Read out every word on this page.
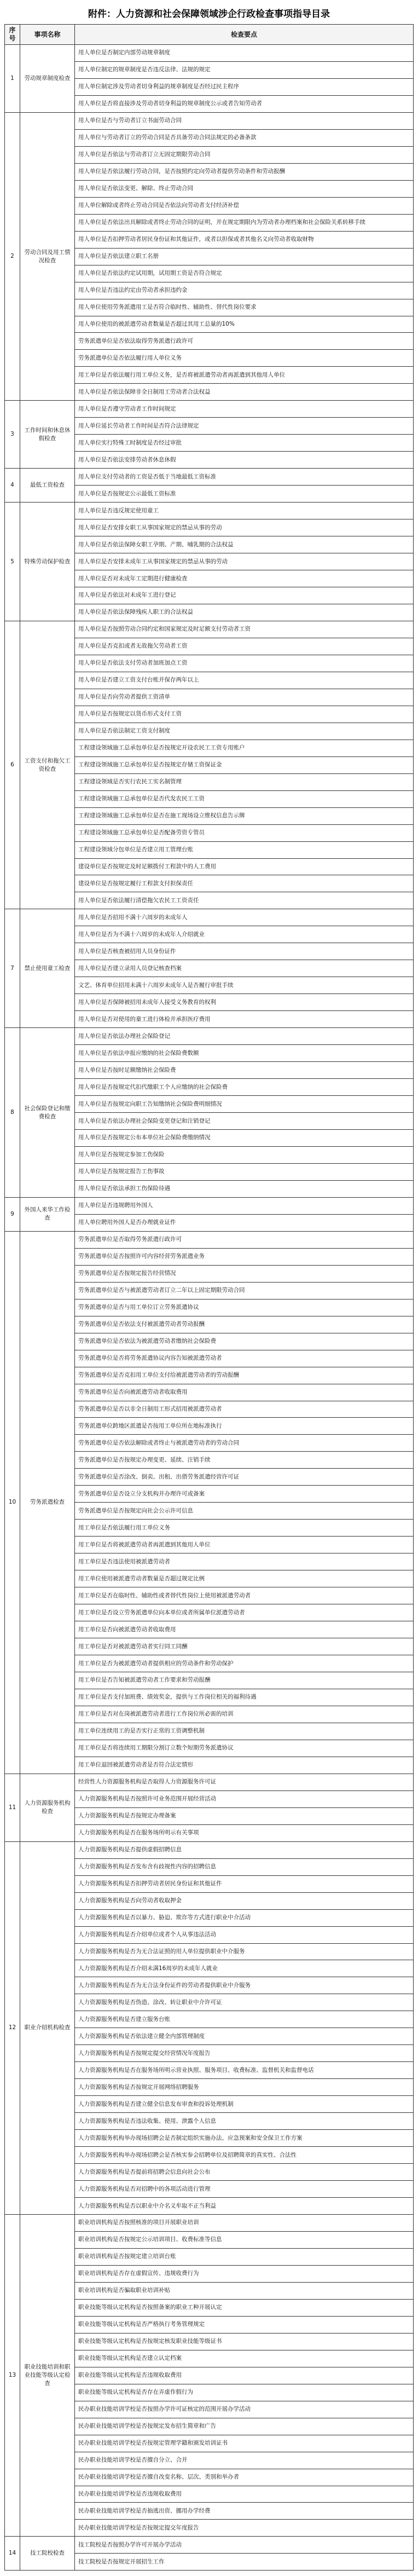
附件：人力资源和社会保障领域涉企行政检查事项指导目录
序号	事项名称	检查要点
1	劳动规章制度检查	用人单位是否制定内部劳动规章制度
		用人单位制定的规章制度是否违反法律、法规的规定
		用人单位制定涉及劳动者切身利益的规章制度是否经过民主程序
		用人单位是否将直接涉及劳动者切身利益的规章制度公示或者告知劳动者
2	劳动合同及用工情况检查	用人单位是否与劳动者订立书面劳动合同
		用人单位与劳动者订立的劳动合同是否具备劳动合同法规定的必备条款
		用人单位是否依法与劳动者订立无固定期限劳动合同
		用人单位是否依法履行劳动合同，是否按照约定向劳动者提供劳动条件和劳动报酬
		用人单位是否依法变更、解除、终止劳动合同
		用人单位解除或者终止劳动合同是否依法向劳动者支付经济补偿
		用人单位是否依法出具解除或者终止劳动合同的证明，并在规定期限内为劳动者办理档案和社会保险关系转移手续
		用人单位是否扣押劳动者居民身份证和其他证件，或者以担保或者其他名义向劳动者收取财物
		用人单位是否依法建立职工名册
		用人单位是否依法约定试用期，试用期工资是否符合规定
		用人单位是否违法约定由劳动者承担违约金
		用人单位使用劳务派遣用工是否符合临时性、辅助性、替代性岗位要求
		用人单位使用的被派遣劳动者数量是否超过其用工总量的10%
		劳务派遣单位是否依法取得劳务派遣行政许可
		劳务派遣单位是否依法履行用人单位义务
		用工单位是否依法履行用工单位义务，是否将被派遣劳动者再派遣到其他用人单位
		用人单位是否依法保障非全日制用工劳动者合法权益
3	工作时间和休息休假检查	用人单位是否遵守劳动者工作时间规定
		用人单位延长劳动者工作时间是否符合法律规定
		用人单位实行特殊工时制度是否经过审批
		用人单位是否依法安排劳动者休息休假
4	最低工资检查	用人单位支付劳动者的工资是否低于当地最低工资标准
		用人单位是否按规定公示最低工资标准
5	特殊劳动保护检查	用人单位是否违反规定使用童工
		用人单位是否安排女职工从事国家规定的禁忌从事的劳动
		用人单位是否依法保障女职工孕期、产期、哺乳期的合法权益
		用人单位是否安排未成年工从事国家规定的禁忌从事的劳动
		用人单位是否对未成年工定期进行健康检查
		用人单位是否依法对未成年工进行登记
		用人单位是否依法保障残疾人职工的合法权益
6	工资支付和拖欠工资检查	用人单位是否按照劳动合同约定和国家规定及时足额支付劳动者工资
		用人单位是否克扣或者无故拖欠劳动者工资
		用人单位是否依法支付劳动者加班加点工资
		用人单位是否建立工资支付台账并保存两年以上
		用人单位是否向劳动者提供工资清单
		用人单位是否按规定以货币形式支付工资
		用人单位是否依法制定工资支付制度
		工程建设领域施工总承包单位是否按规定开设农民工工资专用账户
		工程建设领域施工总承包单位是否按规定存储工资保证金
		工程建设领域是否实行农民工实名制管理
		工程建设领域施工总承包单位是否代发农民工工资
		工程建设领域施工总承包单位是否在施工现场设立维权信息告示牌
		工程建设领域施工总承包单位是否配备劳资专管员
		工程建设领域分包单位是否建立用工管理台账
		建设单位是否按规定及时足额拨付工程款中的人工费用
		建设单位是否按规定履行工程款支付担保责任
		用人单位是否依法履行清偿拖欠农民工工资责任
7	禁止使用童工检查	用人单位是否招用不满十六周岁的未成年人
		用人单位是否为不满十六周岁的未成年人介绍就业
		用人单位是否核查被招用人员身份证件
		用人单位是否建立录用人员登记核查档案
		文艺、体育单位招用未满十六周岁未成年人是否履行审批手续
		用人单位是否保障被招用未成年人接受义务教育的权利
		用人单位是否对使用的童工进行体检并承担医疗费用
8	社会保险登记和缴费检查	用人单位是否依法办理社会保险登记
		用人单位是否依法申报应缴纳的社会保险费数额
		用人单位是否按时足额缴纳社会保险费
		用人单位是否按规定代扣代缴职工个人应缴纳的社会保险费
		用人单位是否按规定向职工告知缴纳社会保险费明细情况
		用人单位是否依法办理社会保险变更登记和注销登记
		用人单位是否按规定公布本单位社会保险费缴纳情况
		用人单位是否按规定参加工伤保险
		用人单位是否按规定报告工伤事故
		用人单位是否依法承担工伤保险待遇
9	外国人来华工作检查	用人单位是否违规聘用外国人
		用人单位聘用外国人是否办理就业证件
10	劳务派遣检查	劳务派遣单位是否取得劳务派遣行政许可
		劳务派遣单位是否按照许可内容经营劳务派遣业务
		劳务派遣单位是否按规定报告经营情况
		劳务派遣单位是否与被派遣劳动者订立二年以上固定期限劳动合同
		劳务派遣单位是否与用工单位订立劳务派遣协议
		劳务派遣单位是否依法支付被派遣劳动者劳动报酬
		劳务派遣单位是否依法为被派遣劳动者缴纳社会保险费
		劳务派遣单位是否将劳务派遣协议内容告知被派遣劳动者
		劳务派遣单位是否克扣用工单位支付给被派遣劳动者的劳动报酬
		劳务派遣单位是否向被派遣劳动者收取费用
		劳务派遣单位是否以非全日制用工形式招用被派遣劳动者
		劳务派遣单位跨地区派遣是否按用工单位所在地标准执行
		劳务派遣单位是否依法解除或者终止与被派遣劳动者的劳动合同
		劳务派遣单位是否按规定办理变更、延续、注销手续
		劳务派遣单位是否涂改、倒卖、出租、出借劳务派遣经营许可证
		劳务派遣单位是否设立分支机构并办理许可或备案
		劳务派遣单位是否按规定向社会公示许可信息
		用工单位是否依法履行用工单位义务
		用工单位是否将被派遣劳动者再派遣到其他用人单位
		用工单位是否违法使用被派遣劳动者
		用工单位使用被派遣劳动者数量是否超过规定比例
		用工单位是否在临时性、辅助性或者替代性岗位上使用被派遣劳动者
		用工单位是否设立劳务派遣单位向本单位或者所属单位派遣劳动者
		用工单位是否向被派遣劳动者收取费用
		用工单位是否对被派遣劳动者实行同工同酬
		用工单位是否为被派遣劳动者提供相应的劳动条件和劳动保护
		用工单位是否告知被派遣劳动者工作要求和劳动报酬
		用工单位是否支付加班费、绩效奖金，提供与工作岗位相关的福利待遇
		用工单位是否对在岗被派遣劳动者进行工作岗位所必需的培训
		用工单位连续用工的是否实行正常的工资调整机制
		用工单位是否将连续用工期限分割订立数个短期劳务派遣协议
		用工单位退回被派遣劳动者是否符合法定情形
11	人力资源服务机构检查	经营性人力资源服务机构是否取得人力资源服务许可证
		人力资源服务机构是否按照许可业务范围开展经营活动
		人力资源服务机构是否按规定办理备案
		人力资源服务机构是否在服务场所明示有关事项
12	职业介绍机构检查	人力资源服务机构是否提供虚假招聘信息
		人力资源服务机构是否发布含有歧视性内容的招聘信息
		人力资源服务机构是否扣押劳动者居民身份证和其他证件
		人力资源服务机构是否向劳动者收取押金
		人力资源服务机构是否以暴力、胁迫、欺诈等方式进行职业中介活动
		人力资源服务机构是否介绍单位或者个人从事违法活动
		人力资源服务机构是否为无合法证照的用人单位提供职业中介服务
		人力资源服务机构是否介绍未满16周岁的未成年人就业
		人力资源服务机构是否为无合法身份证件的劳动者提供职业中介服务
		人力资源服务机构是否伪造、涂改、转让职业中介许可证
		人力资源服务机构是否建立服务台账
		人力资源服务机构是否依法建立健全内部管理制度
		人力资源服务机构是否按规定提交经营情况年度报告
		人力资源服务机构是否在服务场所明示营业执照、服务项目、收费标准、监督机关和监督电话
		人力资源服务机构是否按规定开展网络招聘服务
		人力资源服务机构是否建立健全信息发布审查和投诉处理机制
		人力资源服务机构是否违法收集、使用、泄露个人信息
		人力资源服务机构举办现场招聘会是否制定组织实施办法、应急预案和安全保卫工作方案
		人力资源服务机构举办现场招聘会是否核实参会招聘单位及招聘简章的真实性、合法性
		人力资源服务机构是否提前将招聘会信息向社会公布
		人力资源服务机构是否对招聘中的各项活动进行管理
		人力资源服务机构是否以职业中介名义牟取不正当利益
13	职业技能培训和职业技能等级认定检查	职业培训机构是否按照核准的项目开展职业培训
		职业培训机构是否按规定公示培训项目、收费标准等信息
		职业培训机构是否按规定建立培训台账
		职业培训机构是否存在虚假宣传、违规收费行为
		职业培训机构是否骗取职业培训补贴
		职业技能等级认定机构是否按照备案的职业工种开展认定
		职业技能等级认定机构是否严格执行考务管理规定
		职业技能等级认定机构是否按规定核发职业技能等级证书
		职业技能等级认定机构是否建立认定档案
		职业技能等级认定机构是否违规收取费用
		职业技能等级认定机构是否存在弄虚作假行为
		民办职业技能培训学校是否按照办学许可证核定的范围开展办学活动
		民办职业技能培训学校是否按规定发布招生简章和广告
		民办职业技能培训学校是否按规定管理学籍和颁发培训证书
		民办职业技能培训学校是否擅自分立、合并
		民办职业技能培训学校是否擅自改变名称、层次、类别和举办者
		民办职业技能培训学校是否违规收取费用
		民办职业技能培训学校是否抽逃出资、挪用办学经费
		民办职业技能培训学校是否按规定提交年度报告
14	技工院校检查	技工院校是否按照办学许可开展办学活动
		技工院校是否按规定开展招生工作
